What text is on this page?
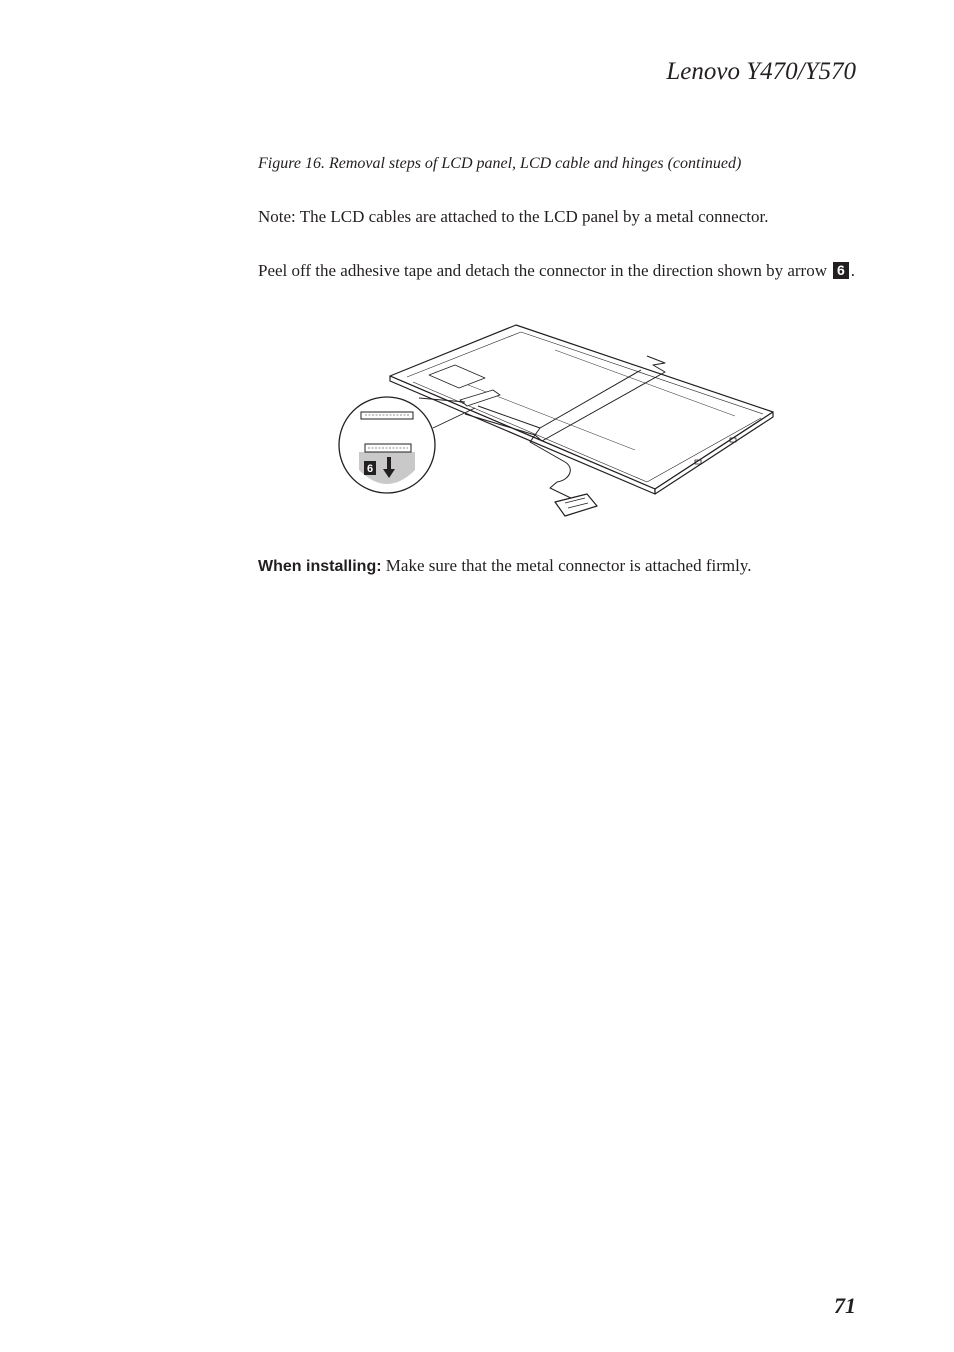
Lenovo Y470/Y570
Figure 16. Removal steps of LCD panel, LCD cable and hinges (continued)
Note: The LCD cables are attached to the LCD panel by a metal connector.
Peel off the adhesive tape and detach the connector in the direction shown by arrow 6 .
6
When installing: Make sure that the metal connector is attached firmly.
71
